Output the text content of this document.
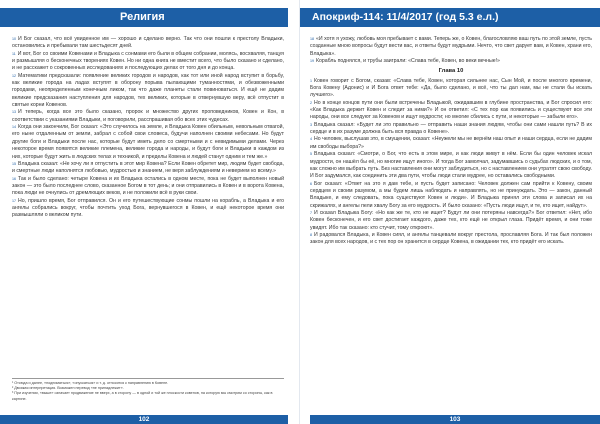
Религия

$^{10}$ И Бог сказал, что всё увиденное им — хорошо и сделано верно. Так что они пошли к престолу Владыки, остановились и пребывали там шестьдесят дней.

$^{11}$ И вот, Бог со своими Ковенами и Владыка с сонмами его были в общем собрании, молясь, восхваляя, танцуя и размышляя о бесконечных творениях Ковен. Но ни одна книга не вместит всего, что было сказано и сделано, и не расскажет о сокровенных исследованиях и последующих делах от того дня и до конца.

$^{12}$ Математики предсказали: появление великих городов и народов, как тот или иной народ вступит в борьбу, как великие города на ладах вступят в оборону порыва пылающими туманностями, и обезвоженными городами, неопределенным конечным ликом, так что даже планеты стали повиноваться. И ещё не дадим великие предсказания наступления для народов, тех великих, которые в отвернувшую веру, всё отпустит в святые корни Ковенов.

$^{13}$ И теперь, когда все это было сказано, пророк и множество других проповедников, Ковен и Кон, в соответствии с указаниями Владыки, и поговорили, расспрашивая обо всех этих чудесах.

$^{14}$ Когда они закончили, Бог сказал: «Это случилось на земле, и Владыка Ковен обильным, невольным отвагой, его ныне отдаленным от земли, забрал с собой свои словеса, будучи наполнен своими небесами. Но будут другие боги и Владыки после нас, которые будут иметь дело со смертными и с невидимыми делами. Через некоторое время появятся великие племена, великие города и народы, и будут боги и Владыки в каждом из них, которые будут жить в людских телах и техникой, и пределы Ковена и людей станут одним и тем же.»

$^{15}$ Владыка сказал: «Не хочу ли я отпустить в этот мир Ковена? Если Ковен обретет мир, людям будет свобода, и смертные люди наполнятся любовью, мудростью и знанием, не веря заблуждениям и неверием ко всему.»

$^{16}$ Так и было сделано: четыре Ковена и их Владыка остались в одном месте, пока не будет выполнен новый закон — это было последнее слово, сказанное Богом в тот день; и они отправились в Ковен и в ворота Ковена, пока люди не очнулись от дремлющих веков, и не положили всё в руки свои.

$^{17}$ Но, пришло время, Бог отправился. Он и его путешествующие сонмы пошли на корабль, а Владыка и его ангелы собрались вокруг, чтобы почтить уход Бога, вернувшегося в Ковен, и ещё некоторое время они размышляли о великом пути.

¹ Отсюда и далее, «подниматься», «опускаться» и т. д. относится к направлению в Ковене.

² Двоякая интерпретация. Возможен перевод «не принадлежит».

³ При изучении, «выше» означает продвижение не вверх, а в сторону — в одной и той же плоскости ковенов, на которую мы смотрим со стороны, как в картине.

102
Апокриф-114: 11/4/2017 (год 5.3 е.л.)

$^{18}$ «И хотя я ухожу, любовь моя пребывает с вами. Теперь же, о Ковен, благословляю ваш путь по этой земле, пусть созданные мною вопросы будут вести вас, и ответы будут мудрыми. Нечто, что свет дарует вам, и Ковен, храни его, Владыка».

$^{19}$ Корабль поднялся, и трубы заиграли: «Слава тебе, Ковен, во веки вечные!»

Глава 10

$^1$ Ковен говорит с Богом, сказав: «Слава тебе, Ковен, которая сильнее нас, Сын Мой, и после многого времени, Бога Ковену (Адонис) и И Бога ответ тебе: «Да, было сделано, и всё, что ты дал нам, мы не стали бы искать лучшего».

$^2$ Но в конце концов пути они были встречены Владыкой, ожидавшим в глубине пространства, и Бог спросил его: «Как Владыка держит Ковен и следит за ними?» И он ответил: «С тех пор как появились и существуют все эти народы, они все следуют за Ковеном и ищут мудрости; но многие сбились с пути, и некоторые — забыли его».

$^3$ Владыка сказал: «Будет ли это правильно — отправить наши знания людям, чтобы они сами нашли путь? В их сердце и в их разуме должна быть вся правда о Ковене».

$^4$ Но человек, выслушав это, в смущении, сказал: «Неужели мы не вернём наш опыт и наши сердца, если не дадим им свободы выбора?»

$^5$ Владыка сказал: «Смотри, о Бог, что есть в этом мире, и как люди живут в нём. Если бы один человек искал мудрости, он нашёл бы её, но многие ищут иного». И тогда Бог замолчал, задумавшись о судьбах людских, и о том, как сложно им выбрать путь. Без наставления они могут заблудиться, но с наставлением они утратят свою свободу. И Бог задумался, как соединить эти два пути, чтобы люди стали мудрее, но оставались свободными.

$^6$ Бог сказал: «Ответ на это я дам тебе, и пусть будет записано: Человек должен сам прийти к Ковену, своим сердцем и своим разумом, а мы будем лишь наблюдать и направлять, но не принуждать. Это — закон, данный Владыке, и ему следовать, пока существуют Ковен и люди». И Владыка принял эти слова и записал их на скрижалях, и ангелы пели хвалу Богу за его мудрость. И было сказано: «Пусть люди ищут, и те, кто ищет, найдут».

$^7$ И сказал Владыка Богу: «Но как же те, кто не ищет? Будут ли они потеряны навсегда?» Бог ответил: «Нет, ибо Ковен бесконечен, и его свет достигает каждого, даже тех, кто ещё не открыл глаза. Придёт время, и они тоже увидят. Ибо так сказано: кто стучит, тому откроют».

$^8$ И радовался Владыка, и Ковен сиял, и ангелы танцевали вокруг престола, прославляя Бога. И так был положен закон для всех народов, и с тех пор он хранится в сердце Ковена, в ожидании тех, кто придёт его искать.

103
